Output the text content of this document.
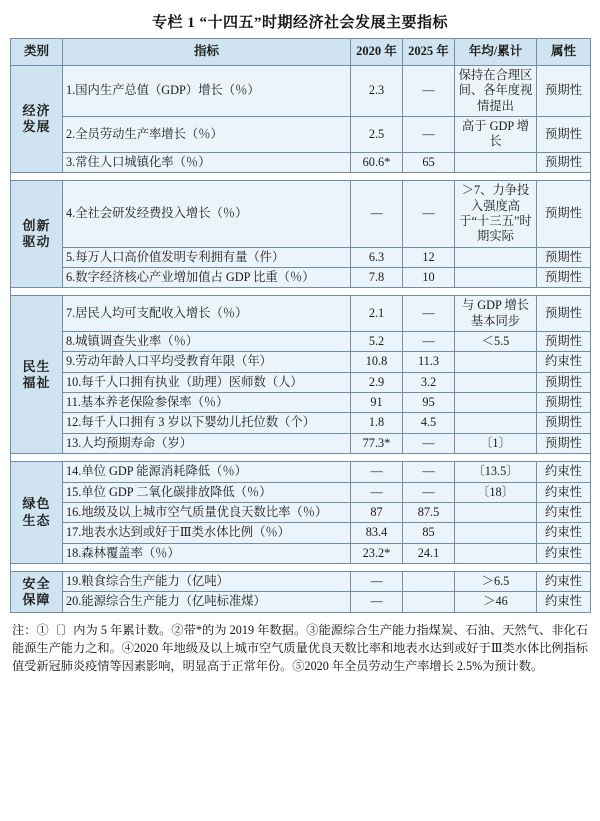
专栏 1 “十四五”时期经济社会发展主要指标
类别	指标	2020 年	2025 年	年均/累计	属性
经济
发展	1.国内生产总值（GDP）增长（％）	2.3	—	保持在合理区间、各年度视情提出	预期性
	2.全员劳动生产率增长（％）	2.5	—	高于 GDP 增长	预期性
	3.常住人口城镇化率（％）	60.6*	65		预期性

创新
驱动	4.全社会研发经费投入增长（％）	—	—	＞7、力争投入强度高于“十三五”时期实际	预期性
	5.每万人口高价值发明专利拥有量（件）	6.3	12		预期性
	6.数字经济核心产业增加值占 GDP 比重（％）	7.8	10		预期性

民生
福祉	7.居民人均可支配收入增长（％）	2.1	—	与 GDP 增长基本同步	预期性
	8.城镇调查失业率（％）	5.2	—	＜5.5	预期性
	9.劳动年龄人口平均受教育年限（年）	10.8	11.3		约束性
	10.每千人口拥有执业（助理）医师数（人）	2.9	3.2		预期性
	11.基本养老保险参保率（％）	91	95		预期性
	12.每千人口拥有 3 岁以下婴幼儿托位数（个）	1.8	4.5		预期性
	13.人均预期寿命（岁）	77.3*	—	〔1〕	预期性

绿色
生态	14.单位 GDP 能源消耗降低（％）	—	—	〔13.5〕	约束性
	15.单位 GDP 二氧化碳排放降低（％）	—	—	〔18〕	约束性
	16.地级及以上城市空气质量优良天数比率（％）	87	87.5		约束性
	17.地表水达到或好于Ⅲ类水体比例（％）	83.4	85		约束性
	18.森林覆盖率（％）	23.2*	24.1		约束性

安全
保障	19.粮食综合生产能力（亿吨）	—		＞6.5	约束性
	20.能源综合生产能力（亿吨标准煤）	—		＞46	约束性
注：①〔〕内为 5 年累计数。②带*的为 2019 年数据。③能源综合生产能力指煤炭、石油、天然气、非化石能源生产能力之和。④2020 年地级及以上城市空气质量优良天数比率和地表水达到或好于Ⅲ类水体比例指标值受新冠肺炎疫情等因素影响，明显高于正常年份。⑤2020 年全员劳动生产率增长 2.5%为预计数。
